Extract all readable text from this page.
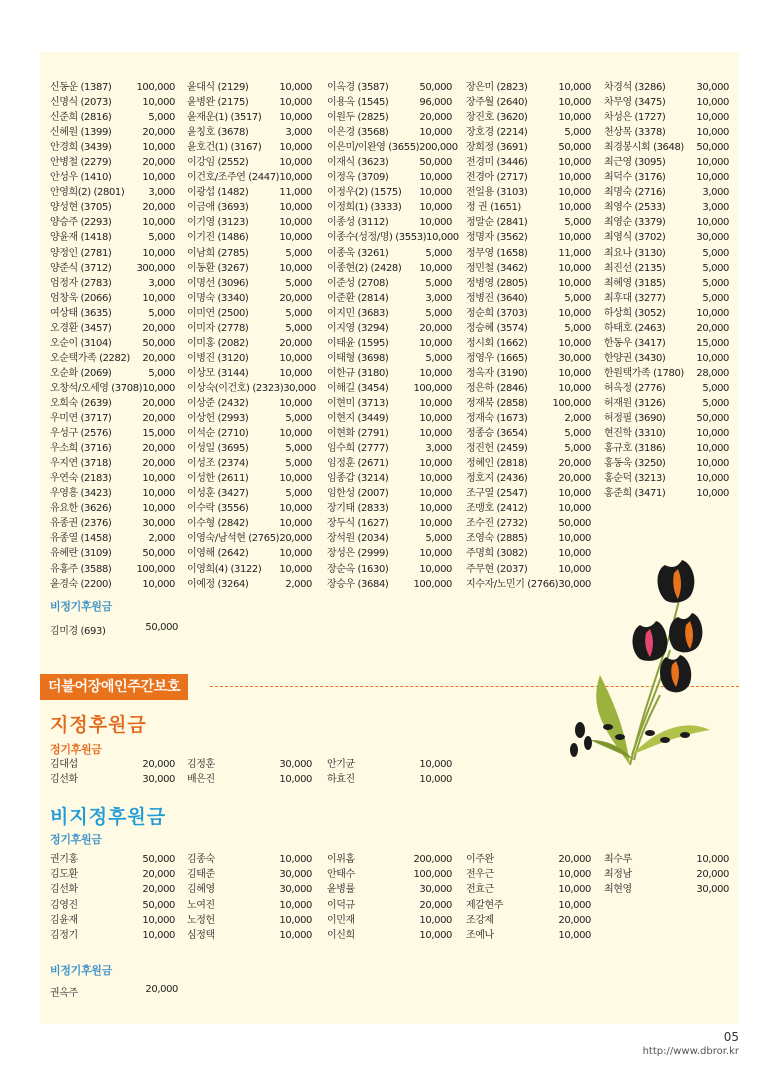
신동운 (1387)	100,000
신명식 (2073)	10,000
신준희 (2816)	5,000
신혜원 (1399)	20,000
안경희 (3439)	10,000
안병철 (2279)	20,000
안성우 (1410)	10,000
안영희(2) (2801)	3,000
양성현 (3705)	20,000
양승주 (2293)	10,000
양윤재 (1418)	5,000
양정인 (2781)	10,000
양준식 (3712)	300,000
엄정자 (2783)	3,000
엄창욱 (2066)	10,000
여상태 (3635)	5,000
오경환 (3457)	20,000
오순이 (3104)	50,000
오순택가족 (2282)	20,000
오순화 (2069)	5,000
오창석/오세영 (3708) 10,000
오희숙 (2639)	20,000
우미연 (3717)	20,000
우성구 (2576)	15,000
우소희 (3716)	20,000
우지연 (3718)	20,000
우연숙 (2183)	10,000
우영흥 (3423)	10,000
유요한 (3626)	10,000
유종권 (2376)	30,000
유종열 (1458)	2,000
유혜란 (3109)	50,000
유홍주 (3588)	100,000
윤경숙 (2200)	10,000
윤대식 (2129)	10,000
윤병완 (2175)	10,000
윤재운(1) (3517)	10,000
윤칭호 (3678)	3,000
윤호건(1) (3167)	10,000
이강임 (2552)	10,000
이건호/조주연 (2447) 10,000
이광섭 (1482)	11,000
이금애 (3693)	10,000
이기영 (3123)	10,000
이기진 (1486)	10,000
이남희 (2785)	5,000
이동환 (3267)	10,000
이명선 (3096)	5,000
이명숙 (3340)	20,000
이미연 (2500)	5,000
이미자 (2778)	5,000
이미홍 (2082)	20,000
이병진 (3120)	10,000
이상모 (3144)	10,000
이상숙(이건호) (2323) 30,000
이상준 (2432)	10,000
이상헌 (2993)	5,000
이석순 (2710)	10,000
이성일 (3695)	5,000
이성조 (2374)	5,000
이성한 (2611)	10,000
이성훈 (3427)	5,000
이수락 (3556)	10,000
이수형 (2842)	10,000
이영숙/남석현 (2765) 20,000
이영해 (2642)	10,000
이영희(4) (3122)	10,000
이예정 (3264)	2,000
이옥경 (3587)	50,000
이용옥 (1545)	96,000
이원두 (2825)	20,000
이은경 (3568)	10,000
이은미/이완영 (3655) 200,000
이재식 (3623)	50,000
이정옥 (3709)	10,000
이정우(2) (1575)	10,000
이정희(1) (3333)	10,000
이종성 (3112)	10,000
이종수(성정/명) (3553) 10,000
이종욱 (3261)	5,000
이종현(2) (2428)	10,000
이준성 (2708)	5,000
이준환 (2814)	3,000
이지민 (3683)	5,000
이지영 (3294)	20,000
이태윤 (1595)	10,000
이태형 (3698)	5,000
이한규 (3180)	10,000
이해길 (3454)	100,000
이현미 (3713)	10,000
이현지 (3449)	10,000
이현화 (2791)	10,000
임수희 (2777)	3,000
임정훈 (2671)	10,000
임종갑 (3214)	10,000
임한성 (2007)	10,000
장기태 (2833)	10,000
장두식 (1627)	10,000
장석원 (2034)	5,000
장성은 (2999)	10,000
장순옥 (1630)	10,000
장승우 (3684)	100,000
장은미 (2823)	10,000
장주월 (2640)	10,000
장진호 (3620)	10,000
장호경 (2214)	5,000
장희정 (3691)	50,000
전경미 (3446)	10,000
전경아 (2717)	10,000
전일용 (3103)	10,000
정 권 (1651)	10,000
정말순 (2841)	5,000
정명자 (3562)	10,000
정무영 (1658)	11,000
정민철 (3462)	10,000
정병영 (2805)	10,000
정병진 (3640)	5,000
정순희 (3703)	10,000
정승혜 (3574)	5,000
정시회 (1662)	10,000
정영우 (1665)	30,000
정옥자 (3190)	10,000
정은하 (2846)	10,000
정재북 (2858)	100,000
정재숙 (1673)	2,000
정종승 (3654)	5,000
정진헌 (2459)	5,000
정혜인 (2818)	20,000
정호지 (2436)	20,000
조구열 (2547)	10,000
조맹호 (2412)	10,000
조수진 (2732)	50,000
조영숙 (2885)	10,000
주명희 (3082)	10,000
주무현 (2037)	10,000
지수자/노민기 (2766) 30,000
차경석 (3286)	30,000
차무영 (3475)	10,000
차성은 (1727)	10,000
천상목 (3378)	10,000
최경봉시회 (3648)	50,000
최근영 (3095)	10,000
최덕수 (3176)	10,000
최명숙 (2716)	3,000
최영수 (2533)	3,000
최영순 (3379)	10,000
최영식 (3702)	30,000
최요나 (3130)	5,000
최진선 (2135)	5,000
최혜영 (3185)	5,000
최후대 (3277)	5,000
하상희 (3052)	10,000
하태호 (2463)	20,000
한동우 (3417)	15,000
한양권 (3430)	10,000
한원택가족 (1780)	28,000
허옥정 (2776)	5,000
허재원 (3126)	5,000
허정필 (3690)	50,000
현진학 (3310)	10,000
홍규호 (3186)	10,000
홍동욱 (3250)	10,000
홍순덕 (3213)	10,000
홍준희 (3471)	10,000
비정기후원금
김미경 (693)	50,000
더불어장애인주간보호
지정후원금
정기후원금
김대섭	20,000 김정훈	30,000 안기균	10,000
김선화	30,000 배은진	10,000 하효진	10,000
비지정후원금
정기후원금
권기홍	50,000 김종숙	10,000 이위홈	200,000 이주완	20,000 최수루	10,000
김도환	20,000 김태준	30,000 안태수	100,000 전우근	10,000 최정남	20,000
김선화	20,000 김혜영	30,000 윤병률	30,000 전효근	10,000 최현영	30,000
김영진	50,000 노여진	10,000 이덕규	20,000 제갈현주	10,000
김윤재	10,000 노정헌	10,000 이민재	10,000 조강제	20,000
김정기	10,000 심정택	10,000 이신희	10,000 조예나	10,000
비정기후원금
권옥주	20,000
05
http://www.dbror.kr
